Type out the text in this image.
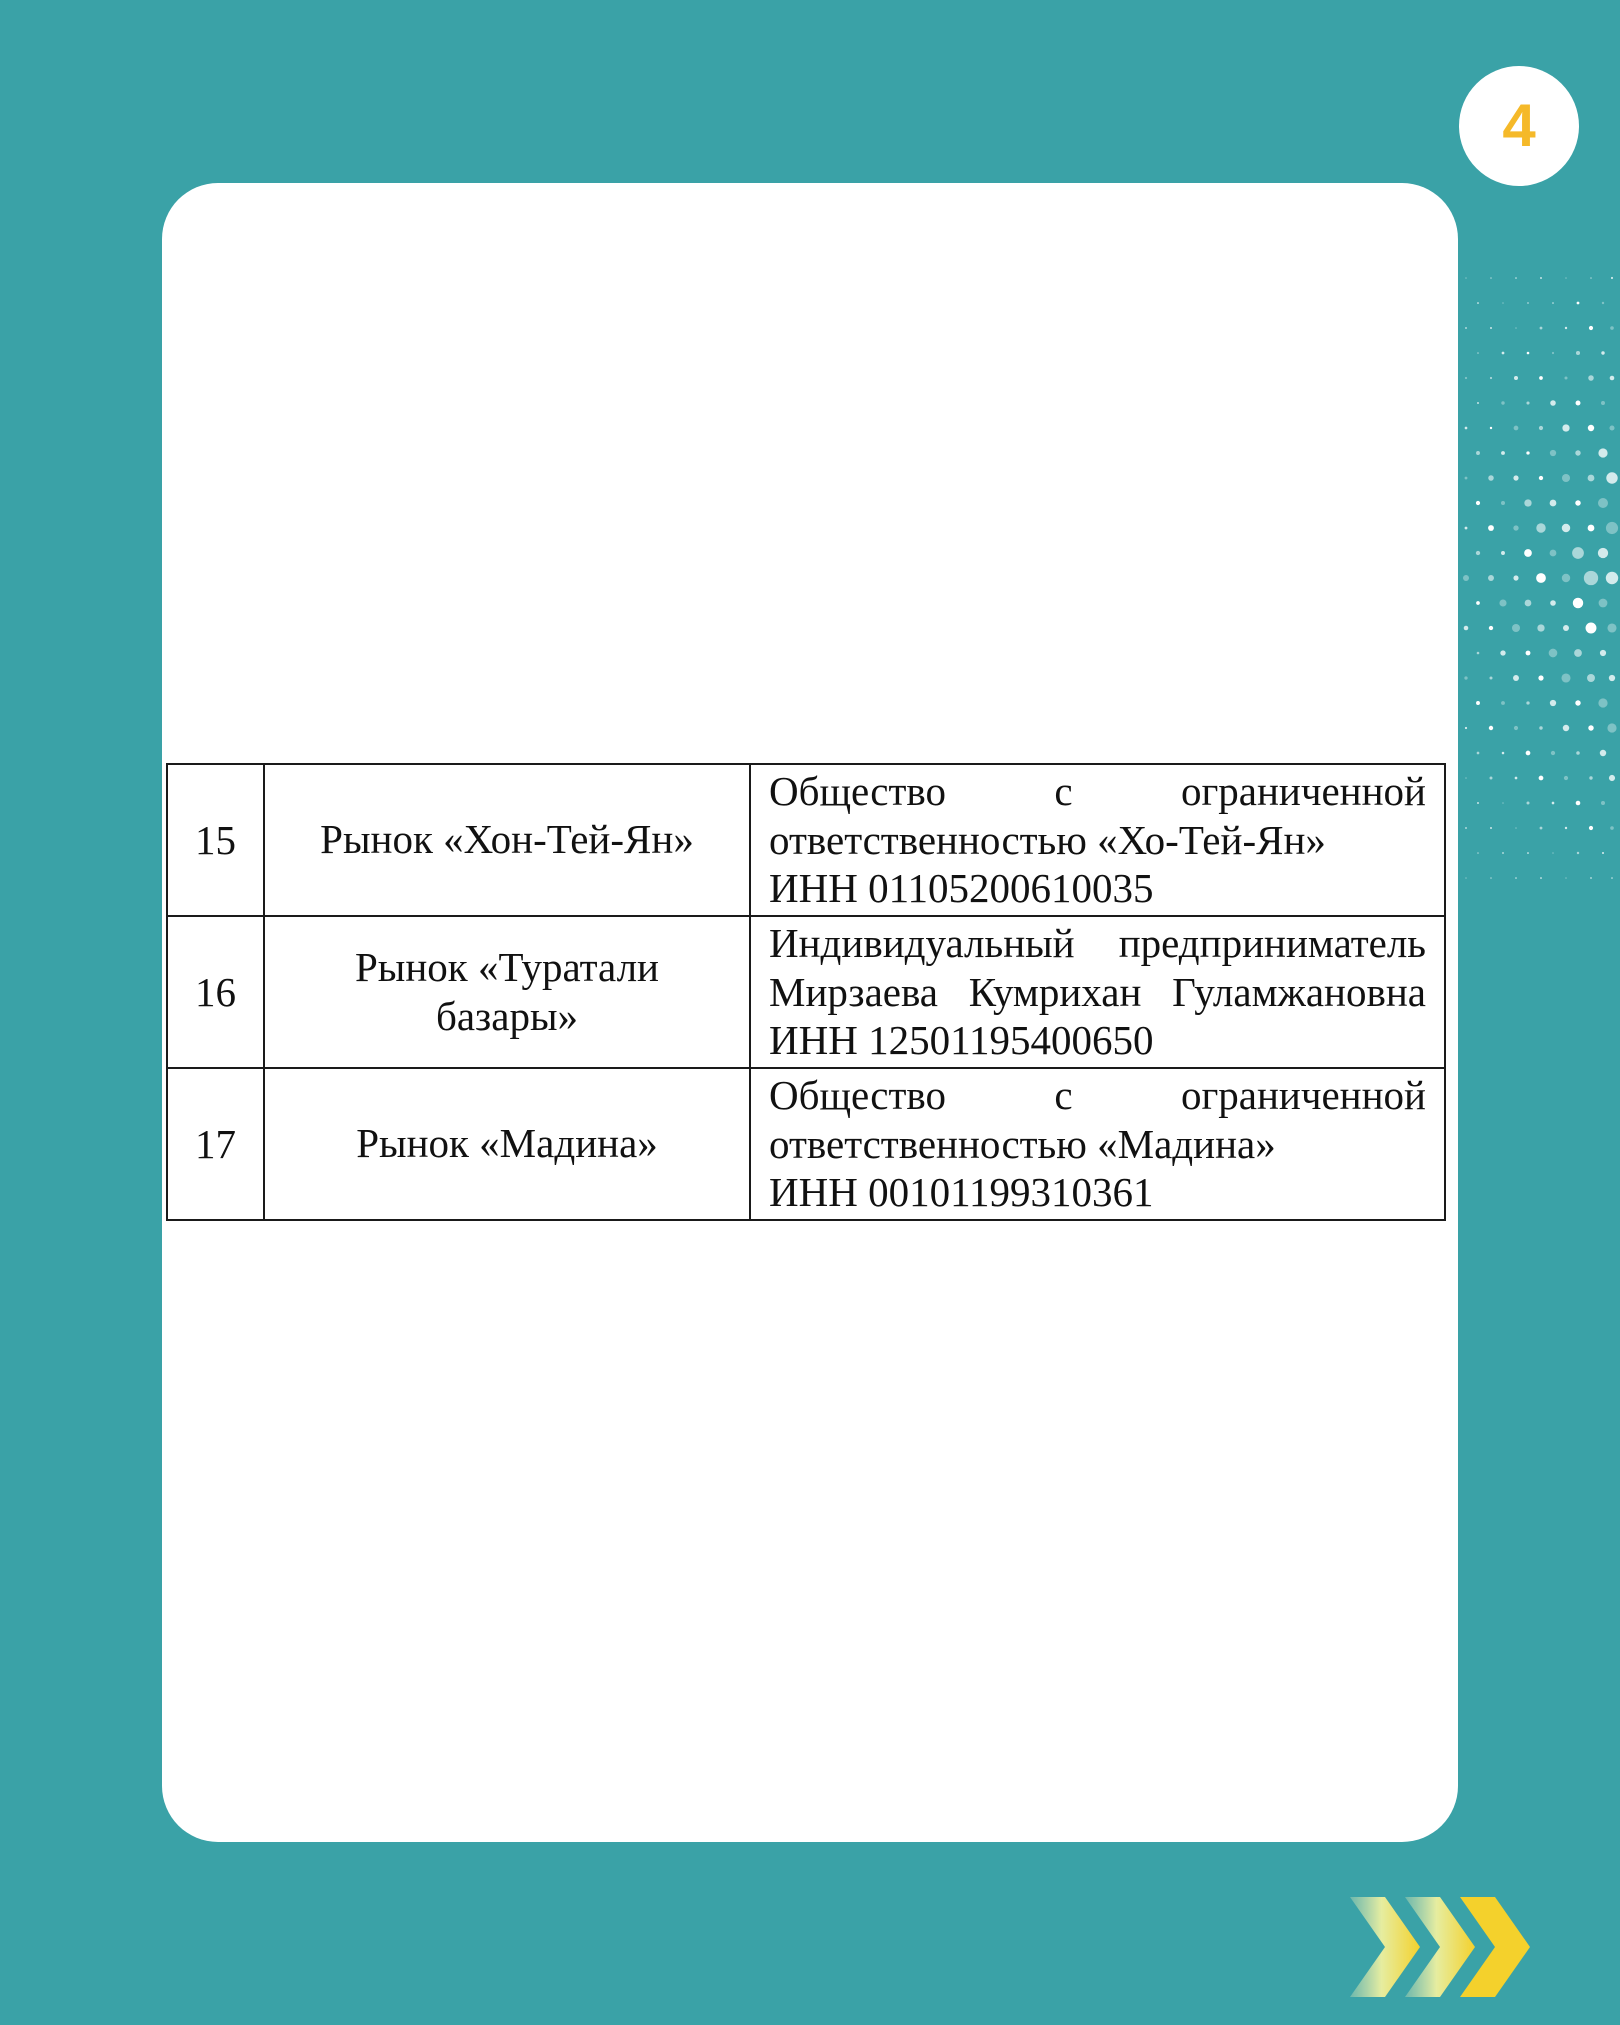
4
15	Рынок «Хон-Тей-Ян»	Общество с ограниченной
ответственностью «Хо-Тей-Ян»
ИНН 01105200610035

16	Рынок «Туратали базары»	Индивидуальный предприниматель
Мирзаева Кумрихан Гуламжановна
ИНН 12501195400650

17	Рынок «Мадина»	Общество с ограниченной
ответственностью «Мадина»
ИНН 00101199310361
